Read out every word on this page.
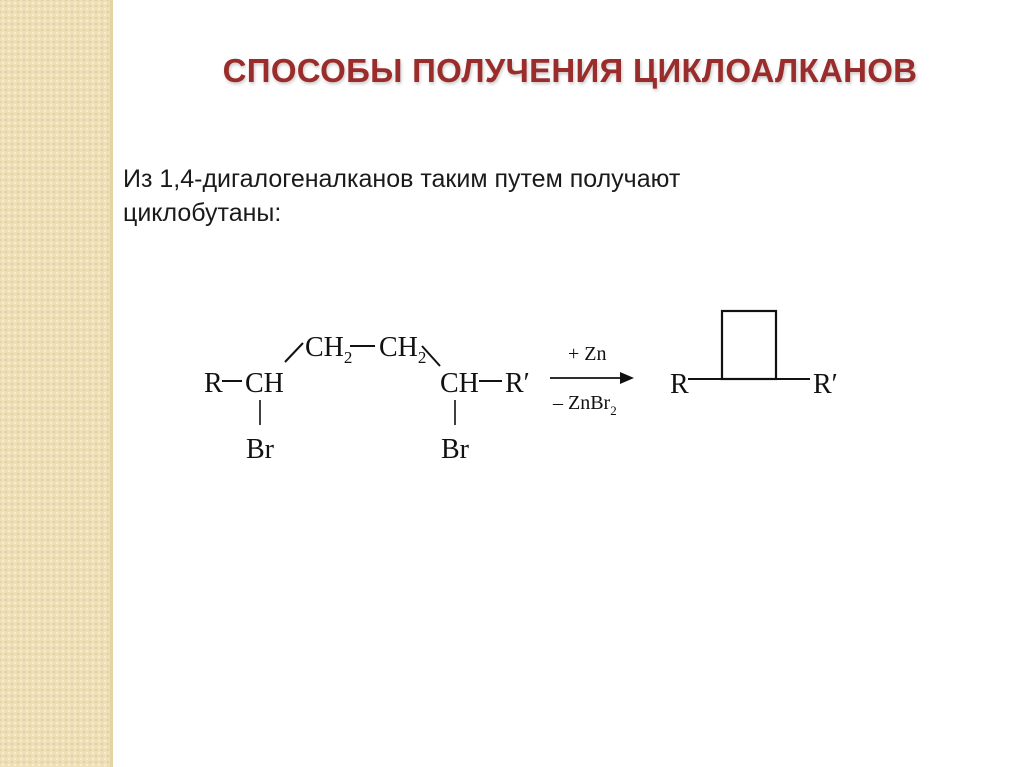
СПОСОБЫ ПОЛУЧЕНИЯ ЦИКЛОАЛКАНОВ
Из 1,4-дигалогеналканов таким путем получают
циклобутаны:
R CH
Br
$CH_2$ $CH_2$
CH R′
Br
+ Zn
– ZnBr$_2$
R	R′
